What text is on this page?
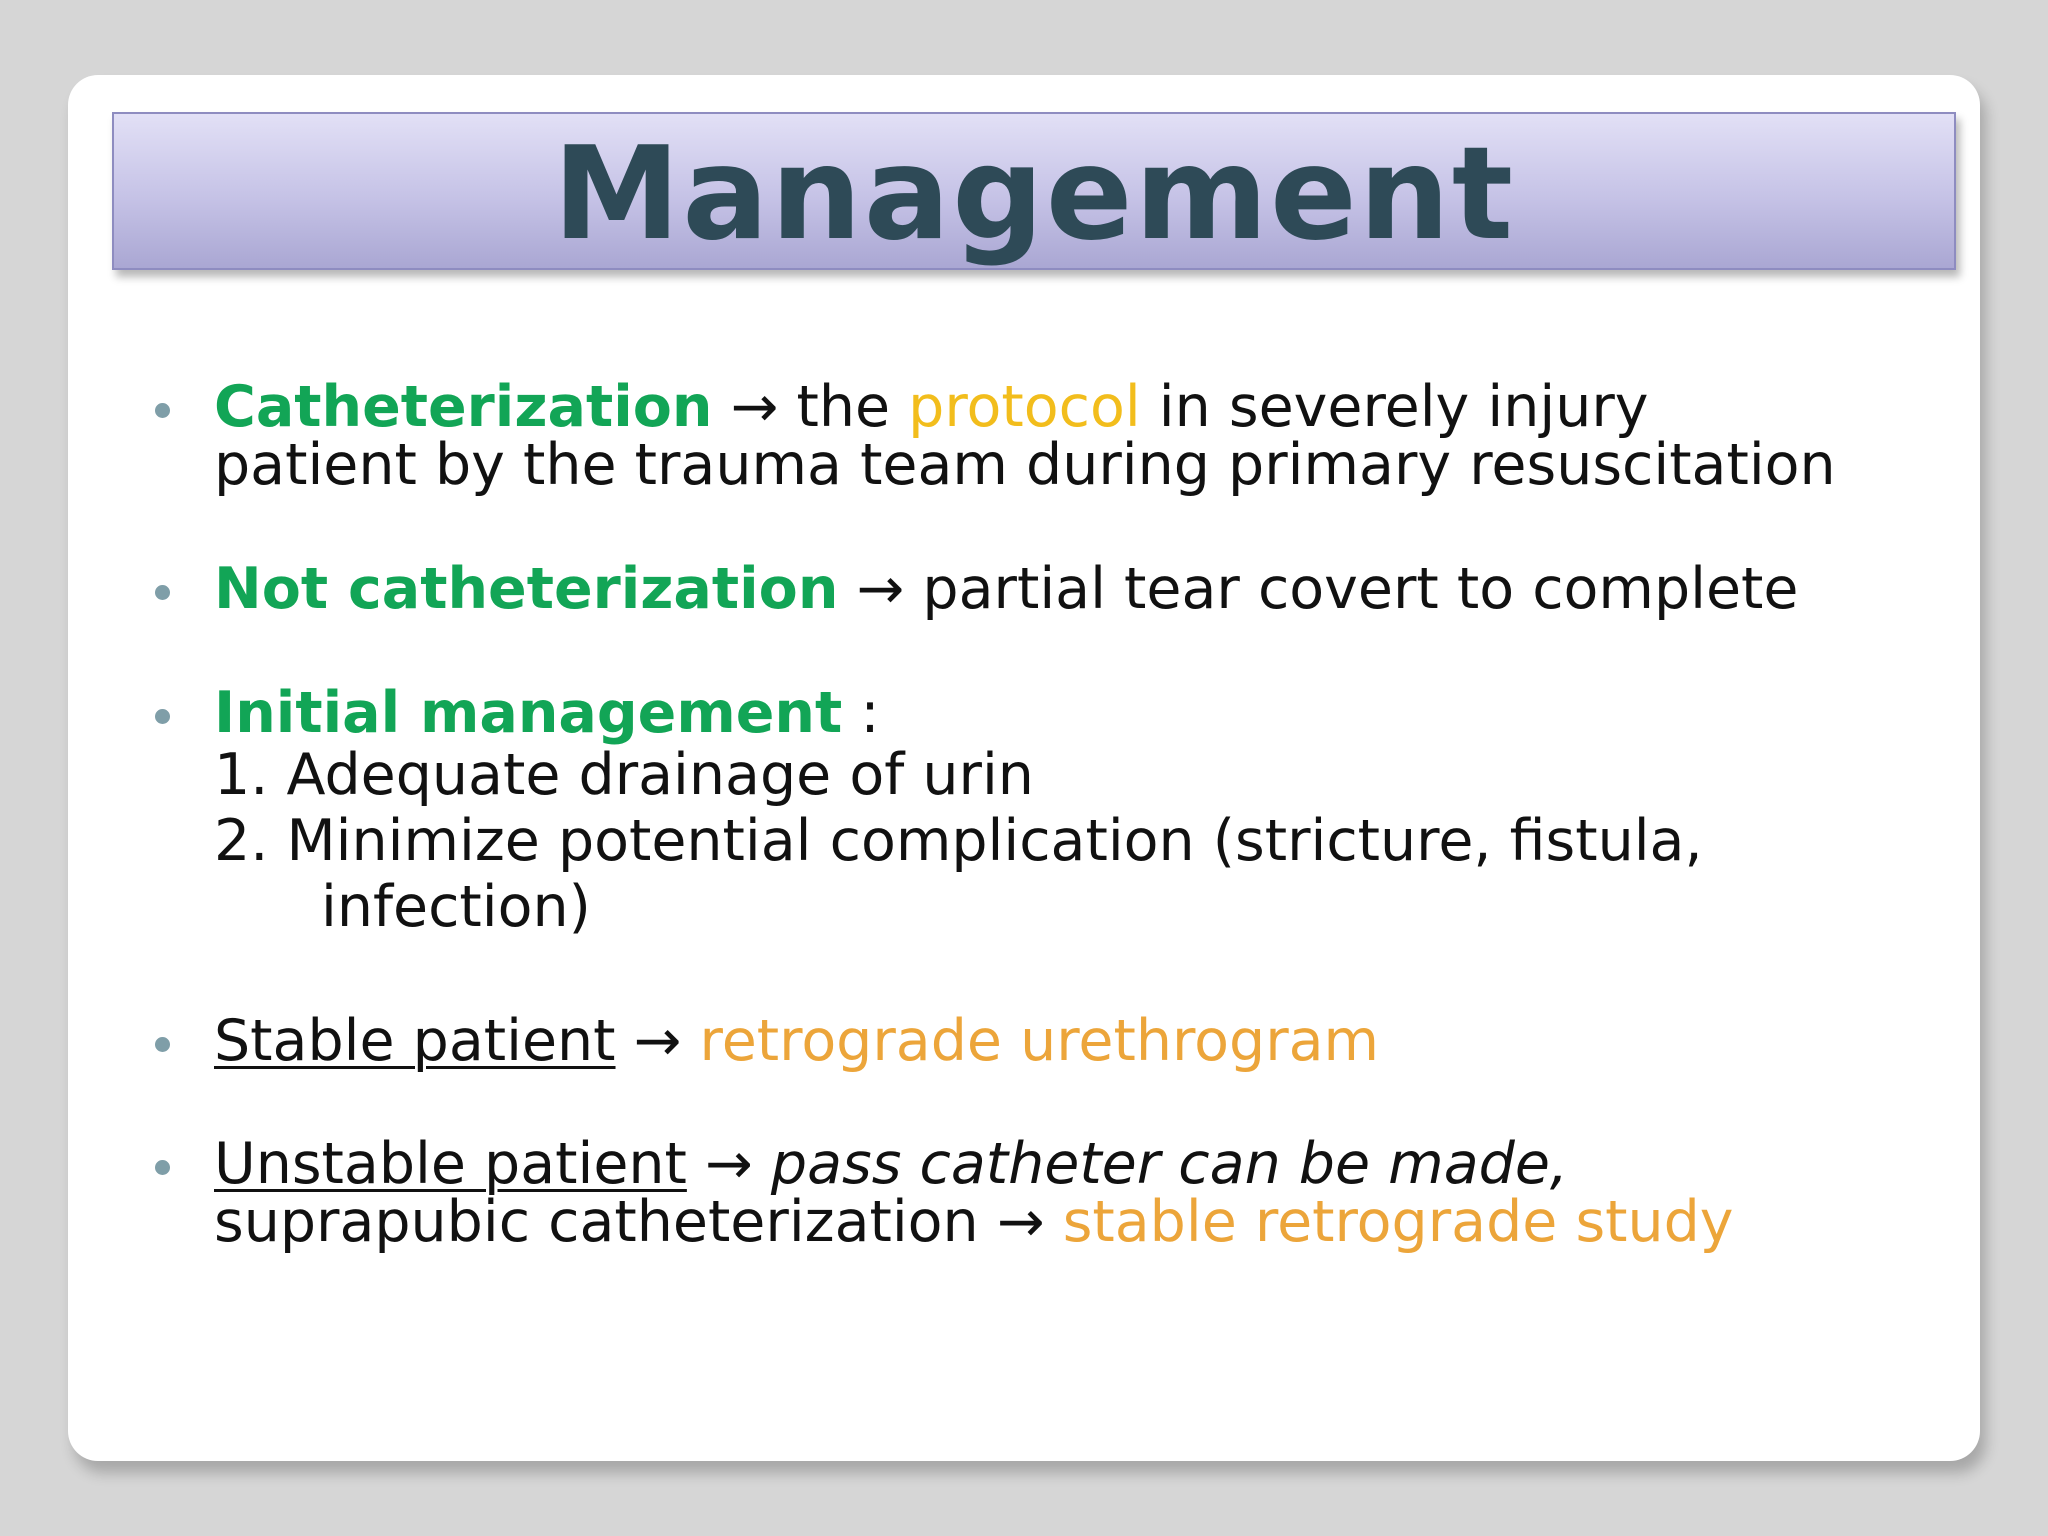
Management
Catheterization → the protocol in severely injury
patient by the trauma team during primary resuscitation
Not catheterization → partial tear covert to complete
Initial management :
1. Adequate drainage of urin
2. Minimize potential complication (stricture, fistula,
infection)
Stable patient → retrograde urethrogram
Unstable patient → pass catheter can be made,
suprapubic catheterization → stable retrograde study
